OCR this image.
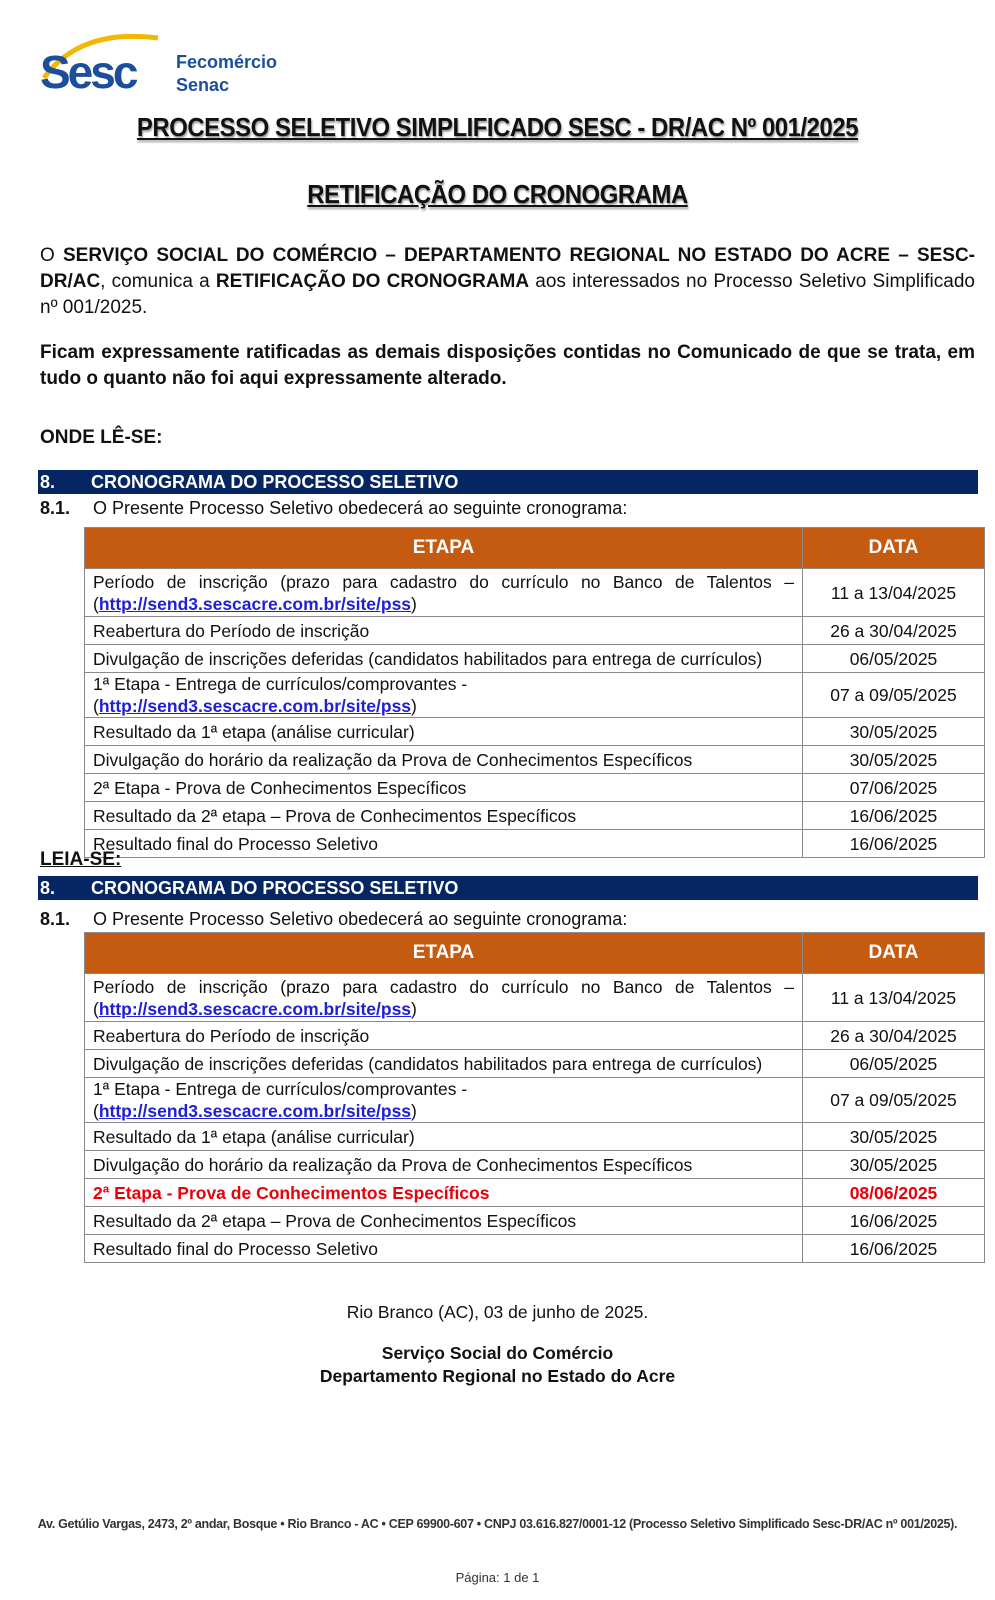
Sesc Fecomércio
Senac
PROCESSO SELETIVO SIMPLIFICADO SESC - DR/AC Nº 001/2025
RETIFICAÇÃO DO CRONOGRAMA
O SERVIÇO SOCIAL DO COMÉRCIO – DEPARTAMENTO REGIONAL NO ESTADO DO ACRE – SESC-DR/AC, comunica a RETIFICAÇÃO DO CRONOGRAMA aos interessados no Processo Seletivo Simplificado nº 001/2025.
Ficam expressamente ratificadas as demais disposições contidas no Comunicado de que se trata, em tudo o quanto não foi aqui expressamente alterado.
ONDE LÊ-SE:
8. CRONOGRAMA DO PROCESSO SELETIVO
8.1. O Presente Processo Seletivo obedecerá ao seguinte cronograma:
ETAPA	DATA
Período de inscrição (prazo para cadastro do currículo no Banco de Talentos – (http://send3.sescacre.com.br/site/pss)	11 a 13/04/2025
Reabertura do Período de inscrição	26 a 30/04/2025
Divulgação de inscrições deferidas (candidatos habilitados para entrega de currículos)	06/05/2025
1ª Etapa - Entrega de currículos/comprovantes - (http://send3.sescacre.com.br/site/pss)	07 a 09/05/2025
Resultado da 1ª etapa (análise curricular)	30/05/2025
Divulgação do horário da realização da Prova de Conhecimentos Específicos	30/05/2025
2ª Etapa - Prova de Conhecimentos Específicos	07/06/2025
Resultado da 2ª etapa – Prova de Conhecimentos Específicos	16/06/2025
Resultado final do Processo Seletivo	16/06/2025
LEIA-SE:
8. CRONOGRAMA DO PROCESSO SELETIVO
8.1. O Presente Processo Seletivo obedecerá ao seguinte cronograma:
ETAPA	DATA
Período de inscrição (prazo para cadastro do currículo no Banco de Talentos – (http://send3.sescacre.com.br/site/pss)	11 a 13/04/2025
Reabertura do Período de inscrição	26 a 30/04/2025
Divulgação de inscrições deferidas (candidatos habilitados para entrega de currículos)	06/05/2025
1ª Etapa - Entrega de currículos/comprovantes - (http://send3.sescacre.com.br/site/pss)	07 a 09/05/2025
Resultado da 1ª etapa (análise curricular)	30/05/2025
Divulgação do horário da realização da Prova de Conhecimentos Específicos	30/05/2025
2ª Etapa - Prova de Conhecimentos Específicos	08/06/2025
Resultado da 2ª etapa – Prova de Conhecimentos Específicos	16/06/2025
Resultado final do Processo Seletivo	16/06/2025
Rio Branco (AC), 03 de junho de 2025.
Serviço Social do Comércio
Departamento Regional no Estado do Acre
Av. Getúlio Vargas, 2473, 2º andar, Bosque • Rio Branco - AC • CEP 69900-607 • CNPJ 03.616.827/0001-12 (Processo Seletivo Simplificado Sesc-DR/AC nº 001/2025).
Página: 1 de 1
